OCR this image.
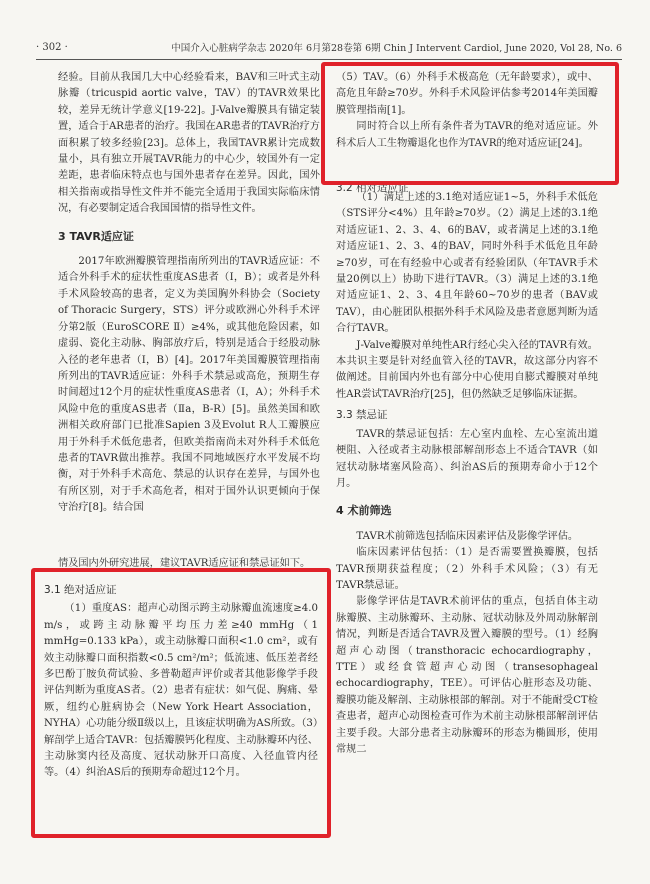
· 302 ·	中国介入心脏病学杂志 2020年 6月第28卷第 6期 Chin J Intervent Cardiol, June 2020, Vol 28, No. 6

经验。目前从我国几大中心经验看来，BAV和三叶式主动脉瓣（tricuspid aortic valve，TAV）的TAVR效果比较，差异无统计学意义[19-22]。J-Valve瓣膜具有锚定装置，适合于AR患者的治疗。我国在AR患者的TAVR治疗方面积累了较多经验[23]。总体上，我国TAVR累计完成数量小，具有独立开展TAVR能力的中心少，较国外有一定差距，患者临床特点也与国外患者存在差异。因此，国外相关指南或指导性文件并不能完全适用于我国实际临床情况，有必要制定适合我国国情的指导性文件。

3 TAVR适应证

2017年欧洲瓣膜管理指南所列出的TAVR适应证：不适合外科手术的症状性重度AS患者（Ⅰ，B）；或者是外科手术风险较高的患者，定义为美国胸外科协会（Society of Thoracic Surgery，STS）评分或欧洲心外科手术评分第2版（EuroSCORE Ⅱ）≥4%，或其他危险因素，如虚弱、瓷化主动脉、胸部放疗后，特别是适合于经股动脉入径的老年患者（Ⅰ，B）[4]。2017年美国瓣膜管理指南所列出的TAVR适应证：外科手术禁忌或高危，预期生存时间超过12个月的症状性重度AS患者（Ⅰ，A）；外科手术风险中危的重度AS患者（Ⅱa，B-R）[5]。虽然美国和欧洲相关政府部门已批准Sapien 3及Evolut R人工瓣膜应用于外科手术低危患者，但欧美指南尚未对外科手术低危患者的TAVR做出推荐。我国不同地域医疗水平发展不均衡，对于外科手术高危、禁忌的认识存在差异，与国外也有所区别，对于手术高危者，相对于国外认识更倾向于保守治疗[8]。结合国

情及国内外研究进展，建议TAVR适应证和禁忌证如下。
3.1 绝对适应证

（1）重度AS：超声心动图示跨主动脉瓣血流速度≥4.0 m/s，或跨主动脉瓣平均压力差≥40 mmHg（1 mmHg=0.133 kPa），或主动脉瓣口面积<1.0 cm²，或有效主动脉瓣口面积指数<0.5 cm²/m²；低流速、低压差者经多巴酚丁胺负荷试验、多普勒超声评价或者其他影像学手段评估判断为重度AS者。（2）患者有症状：如气促、胸痛、晕厥，纽约心脏病协会（New York Heart Association，NYHA）心功能分级Ⅱ级以上，且该症状明确为AS所致。（3）解剖学上适合TAVR：包括瓣膜钙化程度、主动脉瓣环内径、主动脉窦内径及高度、冠状动脉开口高度、入径血管内径等。（4）纠治AS后的预期寿命超过12个月。

（1）满足上述的3.1绝对适应证1~5，外科手术低危（STS评分<4%）且年龄≥70岁。（2）满足上述的3.1绝对适应证1、2、3、4、6的BAV，或者满足上述的3.1绝对适应证1、2、3、4的BAV，同时外科手术低危且年龄≥70岁，可在有经验中心或者有经验团队（年TAVR手术量20例以上）协助下进行TAVR。（3）满足上述的3.1绝对适应证1、2、3、4且年龄60~70岁的患者（BAV或TAV），由心脏团队根据外科手术风险及患者意愿判断为适合行TAVR。

J-Valve瓣膜对单纯性AR行经心尖入径的TAVR有效。本共识主要是针对经血管入径的TAVR，故这部分内容不做阐述。目前国内外也有部分中心使用自膨式瓣膜对单纯性AR尝试TAVR治疗[25]，但仍然缺乏足够临床证据。

3.3 禁忌证

TAVR的禁忌证包括：左心室内血栓、左心室流出道梗阻、入径或者主动脉根部解剖形态上不适合TAVR（如冠状动脉堵塞风险高）、纠治AS后的预期寿命小于12个月。

4 术前筛选

TAVR术前筛选包括临床因素评估及影像学评估。

临床因素评估包括：（1）是否需要置换瓣膜，包括TAVR预期获益程度；（2）外科手术风险；（3）有无TAVR禁忌证。

影像学评估是TAVR术前评估的重点，包括自体主动脉瓣膜、主动脉瓣环、主动脉、冠状动脉及外周动脉解剖情况，判断是否适合TAVR及置入瓣膜的型号。（1）经胸超声心动图（transthoracic echocardiography，TTE）或经食管超声心动图（transesophageal echocardiography，TEE）。可评估心脏形态及功能、瓣膜功能及解剖、主动脉根部的解剖。对于不能耐受CT检查患者，超声心动图检查可作为术前主动脉根部解剖评估主要手段。大部分患者主动脉瓣环的形态为椭圆形，使用常规二

3.2 相对适应证

（5）TAV。（6）外科手术极高危（无年龄要求），或中、高危且年龄≥70岁。外科手术风险评估参考2014年美国瓣膜管理指南[1]。

同时符合以上所有条件者为TAVR的绝对适应证。外科术后人工生物瓣退化也作为TAVR的绝对适应证[24]。
